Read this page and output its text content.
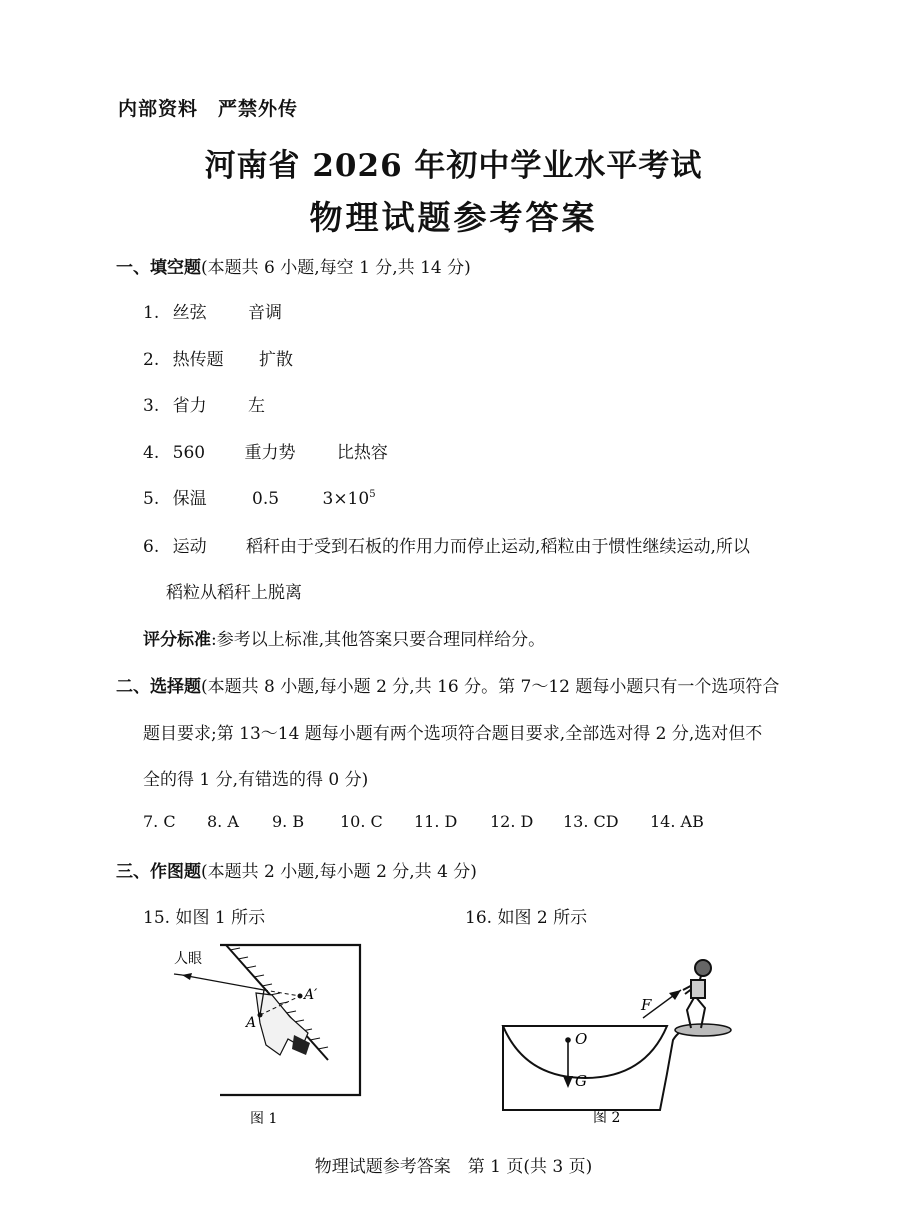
内部资料　严禁外传
河南省 2026 年初中学业水平考试
物理试题参考答案
一、填空题(本题共 6 小题,每空 1 分,共 14 分)
1. 丝弦 音调
2. 热传题 扩散
3. 省力 左
4. 560 重力势 比热容
5. 保温	0.5	$3\times 10^5$
6. 运动 稻秆由于受到石板的作用力而停止运动,稻粒由于惯性继续运动,所以
稻粒从稻秆上脱离
评分标准:参考以上标准,其他答案只要合理同样给分。
二、选择题(本题共 8 小题,每小题 2 分,共 16 分。第 7～12 题每小题只有一个选项符合
题目要求;第 13～14 题每小题有两个选项符合题目要求,全部选对得 2 分,选对但不
全的得 1 分,有错选的得 0 分)
7. C 8. A 9. B 10. C 11. D 12. D 13. CD 14. AB
三、作图题(本题共 2 小题,每小题 2 分,共 4 分)
15. 如图 1 所示	16. 如图 2 所示
人眼
A′
A
图 1
F
O
G
图 2
物理试题参考答案　第 1 页(共 3 页)
